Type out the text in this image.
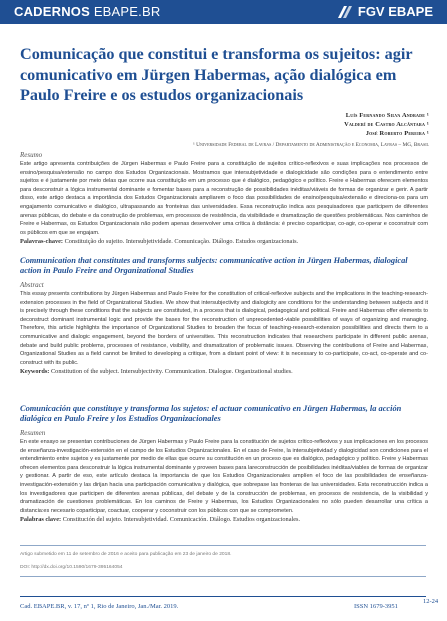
CADERNOS EBAPE.BR	FGV EBAPE
Comunicação que constitui e transforma os sujeitos: agir comunicativo em Jürgen Habermas, ação dialógica em Paulo Freire e os estudos organizacionais
Luís Fernando Silva Andrade ¹
Valderí de Castro Alcântara ¹
José Roberto Pereira ¹
¹ Universidade Federal de Lavras / Departamento de Administração e Economia, Lavras – MG, Brasil
Resumo

Este artigo apresenta contribuições de Jürgen Habermas e Paulo Freire para a constituição de sujeitos crítico-reflexivos e suas implicações nos processos de ensino/pesquisa/extensão no campo dos Estudos Organizacionais. Mostramos que intersubjetividade e dialogicidade são condições para o entendimento entre sujeitos e é justamente por meio delas que ocorre sua constituição em um processo que é dialógico, pedagógico e político. Freire e Habermas oferecem elementos para desconstruir a lógica instrumental dominante e fomentar bases para a reconstrução de possibilidades inéditas/viáveis de formas de organizar e gerir. A partir disso, este artigo destaca a importância dos Estudos Organizacionais ampliarem o foco das possibilidades de ensino/pesquisa/extensão e direciona-os para um engajamento comunicativo e dialógico, ultrapassando as fronteiras das universidades. Essa reconstrução indica aos pesquisadores que participem de diferentes arenas públicas, do debate e da construção de problemas, em processos de resistência, da visibilidade e dramatização de questões problemáticas. Nos caminhos de Freire e Habermas, os Estudos Organizacionais não podem apenas desenvolver uma crítica à distância: é preciso coparticipar, co-agir, co-operar e coconstruir com os públicos em que se engajam.

Palavras-chave: Constituição do sujeito. Intersubjetividade. Comunicação. Diálogo. Estudos organizacionais.
Communication that constitutes and transforms subjects: communicative action in Jürgen Habermas, dialogical action in Paulo Freire and Organizational Studies
Abstract

This essay presents contributions by Jürgen Habermas and Paulo Freire for the constitution of critical-reflexive subjects and the implications in the teaching-research-extension processes in the field of Organizational Studies. We show that intersubjectivity and dialogicity are conditions for the understanding between subjects and it is precisely through these conditions that the subjects are constituted, in a process that is dialogical, pedagogical and political. Freire and Habermas offer elements to deconstruct dominant instrumental logic and provide the bases for the reconstruction of unprecedented-viable possibilities of ways of organizing and managing. Therefore, this article highlights the importance of Organizational Studies to broaden the focus of teaching-research-extension possibilities and directs them to a communicative and dialogic engagement, beyond the borders of universities. This reconstruction indicates that researchers participate in different public arenas, debate and build public problems, processes of resistance, visibility, and dramatization of problematic issues. Observing the contributions of Freire and Habermas, Organizational Studies as a field cannot be limited to developing a critique, from a distant point of view: it is necessary to co-participate, co-act, co-operate and co-construct with its public.

Keywords: Constitution of the subject. Intersubjectivity. Communication. Dialogue. Organizational studies.
Comunicación que constituye y transforma los sujetos: el actuar comunicativo en Jürgen Habermas, la acción dialógica en Paulo Freire y los Estudios Organizacionales
Resumen

En este ensayo se presentan contribuciones de Jürgen Habermas y Paulo Freire para la constitución de sujetos crítico-reflexivos y sus implicaciones en los procesos de enseñanza-investigación-extensión en el campo de los Estudios Organizacionales. En el caso de Freire, la intersubjetividad y dialogicidad son condiciones para el entendimiento entre sujetos y es justamente por medio de ellas que ocurre su constitución en un proceso que es dialógico, pedagógico y político. Freire y Habermas ofrecen elementos para desconstruir la lógica instrumental dominante y proveen bases para lareconstrucción de posibilidades inéditas/viables de formas de organizar y gestionar. A partir de eso, este artículo destaca la importancia de que los Estudios Organizacionales amplíen el foco de las posibilidades de enseñanza-investigación-extensión y las dirijan hacia una participación comunicativa y dialógica, que sobrepase las fronteras de las universidades. Esta reconstrucción indica a los investigadores que participen de diferentes arenas públicas, del debate y de la construcción de problemas, en procesos de resistencia, de la visibilidad y dramatización de cuestiones problemáticas. En los caminos de Freire y Habermas, los Estudios Organizacionales no sólo pueden desarrollar una crítica a distancia:es necesario coparticipar, coactuar, cooperar y coconstruir con los públicos con que se comprometen.

Palabras clave: Constitución del sujeto. Intersubjetividad. Comunicación. Diálogo. Estudios organizacionales.
Artigo submetido em 11 de setembro de 2016 e aceito para publicação em 23 de janeiro de 2018.
DOI: http://dx.doi.org/10.1590/1679-395164054
Cad. EBAPE.BR, v. 17, nº 1, Rio de Janeiro, Jan./Mar. 2019.	ISSN 1679-3951
12-24
